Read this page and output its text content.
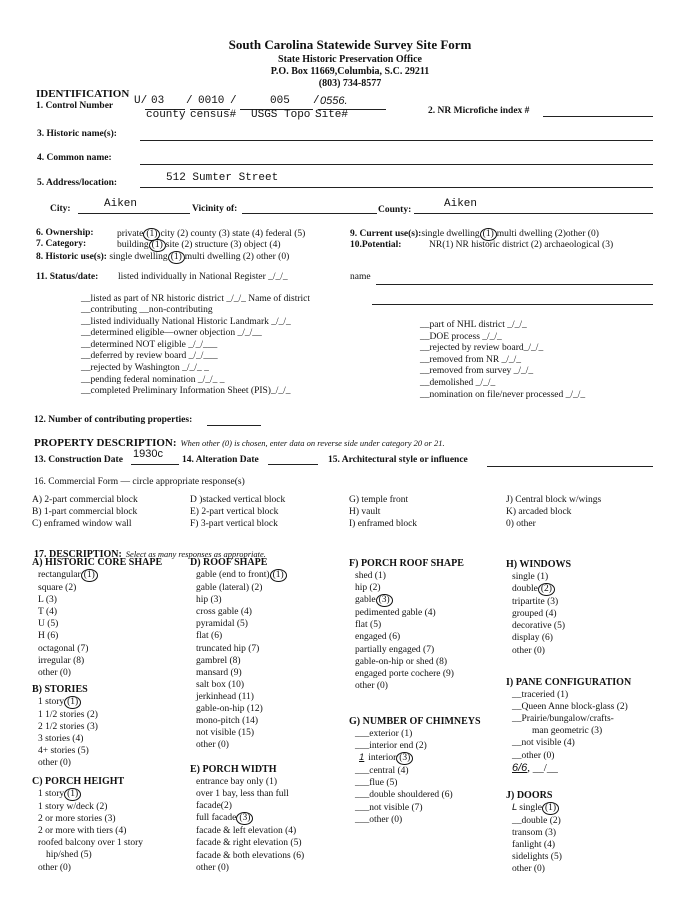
South Carolina Statewide Survey Site Form
State Historic Preservation Office
P.O. Box 11669,Columbia, S.C. 29211
(803) 734-8577
IDENTIFICATION
1. Control Number U/ 03 / 0010 /	005 / 0556.
county census# USGS Topo Site#	2. NR Microfiche index #
3. Historic name(s):
4. Common name:
5. Address/location:	512 Sumter Street
City:	Aiken	Vicinity of:	County:	Aiken
6. Ownership: private (1) city (2) county (3) state (4) federal (5)
7. Category:	building (1) site (2) structure (3) object (4)
8. Historic use(s): single dwelling (1) multi dwelling (2) other (0)
9. Current use(s):single dwelling (1) multi dwelling (2)other (0)
10.Potential:	NR(1) NR historic district (2) archaeological (3)
11. Status/date: listed individually in National Register _/_/_	name
__listed as part of NR historic district _/_/_ Name of district
__contributing __non-contributing
__listed individually National Historic Landmark _/_/_
__determined eligible—owner objection _/_/__
__determined NOT eligible _/_/___
__deferred by review board _/_/___
__rejected by Washington _/_/_ _
__pending federal nomination _/_/_ _
__completed Preliminary Information Sheet (PIS)_/_/_
__part of NHL district _/_/_
__DOE process _/_/_
__rejected by review board_/_/_
__removed from NR _/_/_
__removed from survey _/_/_
__demolished _/_/_
__nomination on file/never processed _/_/_
12. Number of contributing properties:
PROPERTY DESCRIPTION: When other (0) is chosen, enter data on reverse side under category 20 or 21.
13. Construction Date 1930c 14. Alteration Date	15. Architectural style or influence
16. Commercial Form — circle appropriate response(s)
A) 2-part commercial block
B) 1-part commercial block
C) enframed window wall
D )stacked vertical block
E) 2-part vertical block
F) 3-part vertical block
G) temple front
H) vault
I) enframed block
J) Central block w/wings
K) arcaded block
0) other
17. DESCRIPTION: Select as many responses as appropriate.
A) HISTORIC CORE SHAPE
rectangular (1)
square (2)
L (3)
T (4)
U (5)
H (6)
octagonal (7)
irregular (8)
other (0)
B) STORIES
1 story (1)
1 1/2 stories (2)
2 1/2 stories (3)
3 stories (4)
4+ stories (5)
other (0)
C) PORCH HEIGHT
1 story (1)
1 story w/deck (2)
2 or more stories (3)
2 or more with tiers (4)
roofed balcony over 1 story
hip/shed (5)
other (0)
D) ROOF SHAPE
gable (end to front) (1)
gable (lateral) (2)
hip (3)
cross gable (4)
pyramidal (5)
flat (6)
truncated hip (7)
gambrel (8)
mansard (9)
salt box (10)
jerkinhead (11)
gable-on-hip (12)
mono-pitch (14)
not visible (15)
other (0)
E) PORCH WIDTH
entrance bay only (1)
over 1 bay, less than full
facade(2)
full facade (3)
facade & left elevation (4)
facade & right elevation (5)
facade & both elevations (6)
other (0)
F) PORCH ROOF SHAPE
shed (1)
hip (2)
gable (3)
pedimented gable (4)
flat (5)
engaged (6)
partially engaged (7)
gable-on-hip or shed (8)
engaged porte cochere (9)
other (0)
G) NUMBER OF CHIMNEYS
___exterior (1)
___interior end (2)
1 interior (3)
___central (4)
___flue (5)
___double shouldered (6)
___not visible (7)
___other (0)
H) WINDOWS
single (1)
double (2)
tripartite (3)
grouped (4)
decorative (5)
display (6)
other (0)
I) PANE CONFIGURATION
__traceried (1)
__Queen Anne block-glass (2)
__Prairie/bungalow/crafts-
man geometric (3)
__not visible (4)
__other (0)
6/6, __/__
J) DOORS
L single (1)
__double (2)
transom (3)
fanlight (4)
sidelights (5)
other (0)
